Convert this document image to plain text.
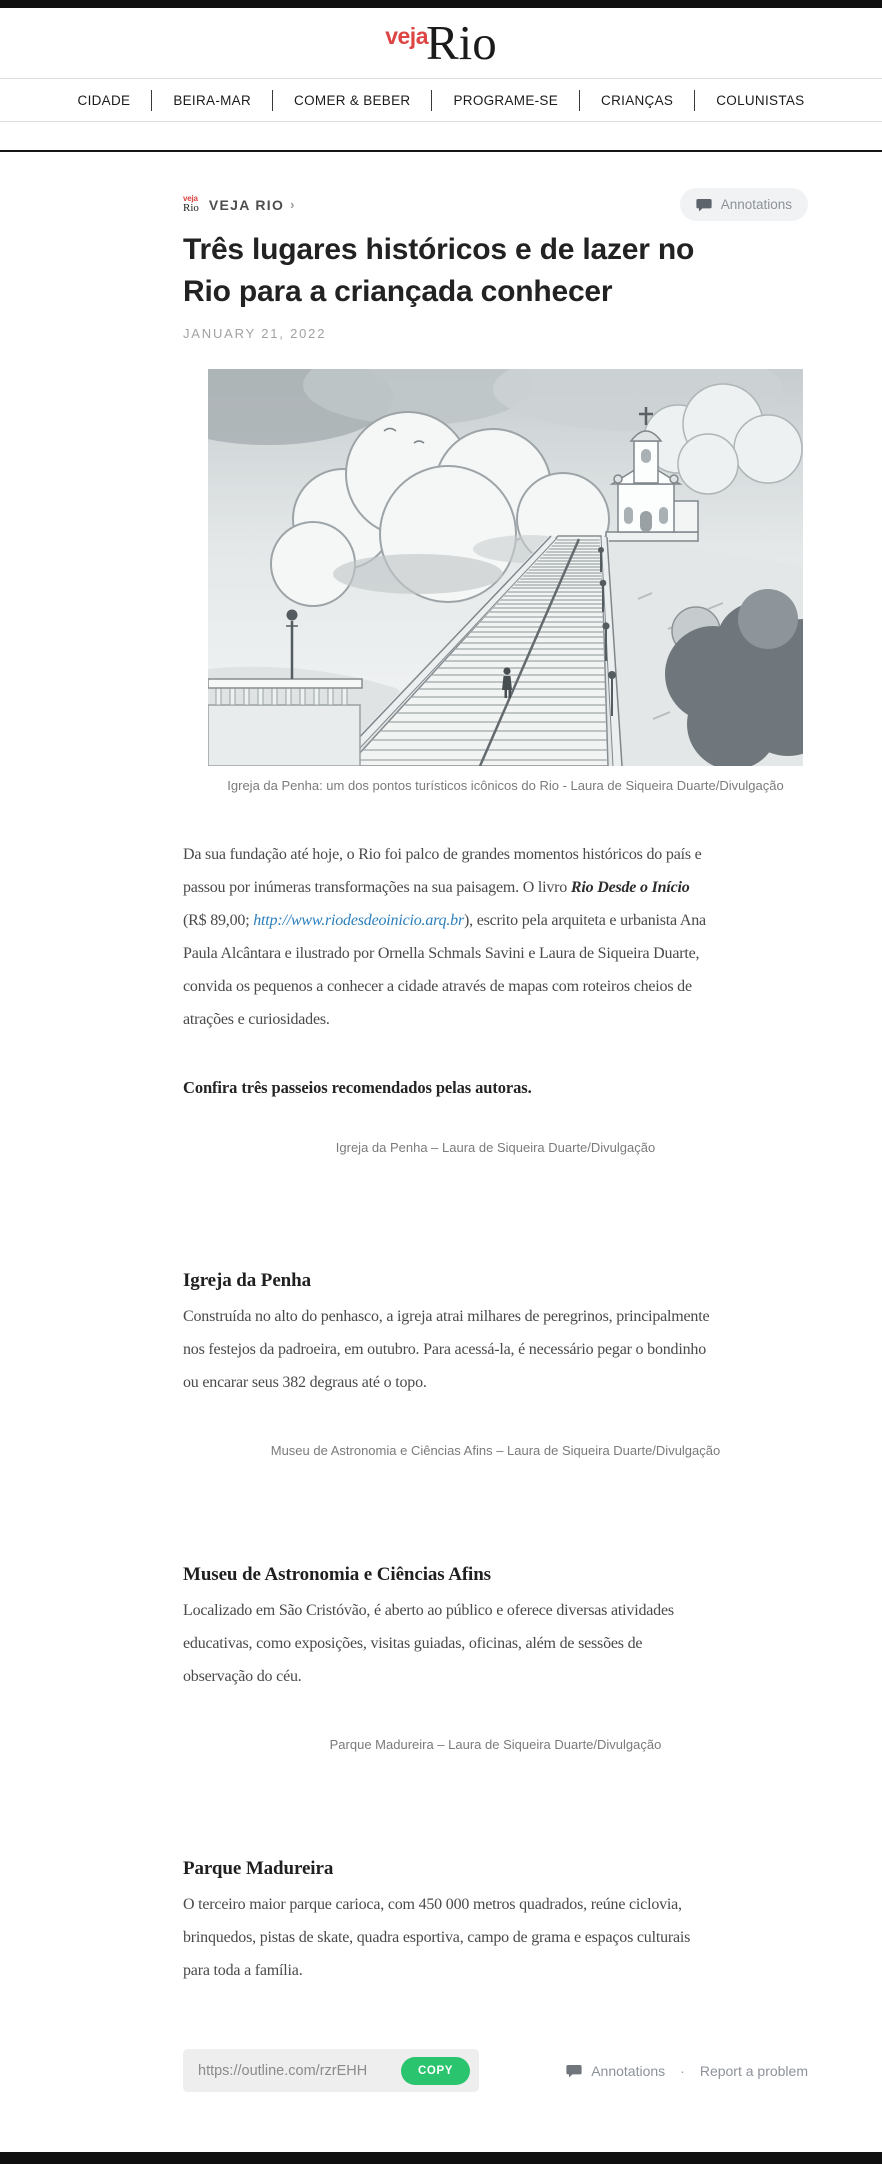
veja
Rio
CIDADE	BEIRA-MAR	COMER & BEBER	PROGRAME-SE	CRIANÇAS	COLUNISTAS
veja
Rio VEJA RIO ›	Annotations
Três lugares históricos e de lazer no
Rio para a criançada conhecer
JANUARY 21, 2022
Igreja da Penha: um dos pontos turísticos icônicos do Rio - Laura de Siqueira Duarte/Divulgação

Da sua fundação até hoje, o Rio foi palco de grandes momentos históricos do país e passou por inúmeras transformações na sua paisagem. O livro Rio Desde o Início (R$ 89,00; http://www.riodesdeoinicio.arq.br), escrito pela arquiteta e urbanista Ana Paula Alcântara e ilustrado por Ornella Schmals Savini e Laura de Siqueira Duarte, convida os pequenos a conhecer a cidade através de mapas com roteiros cheios de atrações e curiosidades.

Confira três passeios recomendados pelas autoras.
Igreja da Penha – Laura de Siqueira Duarte/Divulgação
Igreja da Penha

Construída no alto do penhasco, a igreja atrai milhares de peregrinos, principalmente nos festejos da padroeira, em outubro. Para acessá-la, é necessário pegar o bondinho ou encarar seus 382 degraus até o topo.

Museu de Astronomia e Ciências Afins – Laura de Siqueira Duarte/Divulgação
Museu de Astronomia e Ciências Afins

Localizado em São Cristóvão, é aberto ao público e oferece diversas atividades educativas, como exposições, visitas guiadas, oficinas, além de sessões de observação do céu.

Parque Madureira – Laura de Siqueira Duarte/Divulgação
Parque Madureira

O terceiro maior parque carioca, com 450 000 metros quadrados, reúne ciclovia, brinquedos, pistas de skate, quadra esportiva, campo de grama e espaços culturais para toda a família.

https://outline.com/rzrEHH	COPY	Annotations · Report a problem
